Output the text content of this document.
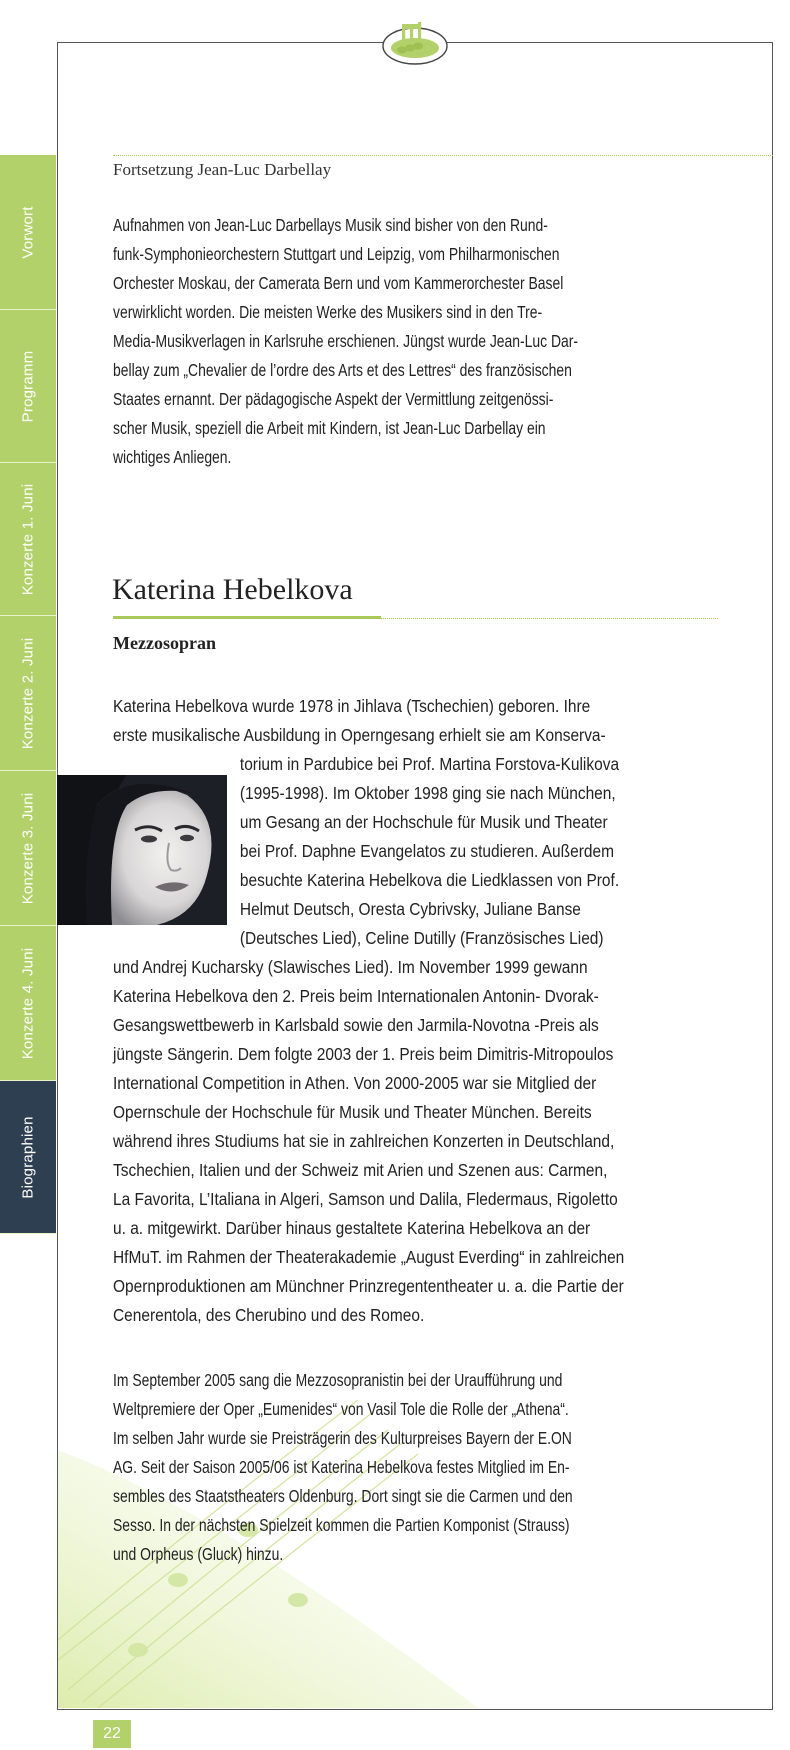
Vorwort
Programm
Konzerte 1. Juni
Konzerte 2. Juni
Konzerte 3. Juni
Konzerte 4. Juni
Biographien
Fortsetzung Jean-Luc Darbellay
Aufnahmen von Jean-Luc Darbellays Musik sind bisher von den Rund-
funk-Symphonieorchestern Stuttgart und Leipzig, vom Philharmonischen
Orchester Moskau, der Camerata Bern und vom Kammerorchester Basel
verwirklicht worden. Die meisten Werke des Musikers sind in den Tre-
Media-Musikverlagen in Karlsruhe erschienen. Jüngst wurde Jean-Luc Dar-
bellay zum „Chevalier de l’ordre des Arts et des Lettres“ des französischen
Staates ernannt. Der pädagogische Aspekt der Vermittlung zeitgenössi-
scher Musik, speziell die Arbeit mit Kindern, ist Jean-Luc Darbellay ein
wichtiges Anliegen.
Katerina Hebelkova
Mezzosopran
Katerina Hebelkova wurde 1978 in Jihlava (Tschechien) geboren. Ihre
erste musikalische Ausbildung in Operngesang erhielt sie am Konserva-
torium in Pardubice bei Prof. Martina Forstova-Kulikova
(1995-1998). Im Oktober 1998 ging sie nach München,
um Gesang an der Hochschule für Musik und Theater
bei Prof. Daphne Evangelatos zu studieren. Außerdem
besuchte Katerina Hebelkova die Liedklassen von Prof.
Helmut Deutsch, Oresta Cybrivsky, Juliane Banse
(Deutsches Lied), Celine Dutilly (Französisches Lied)
und Andrej Kucharsky (Slawisches Lied). Im November 1999 gewann
Katerina Hebelkova den 2. Preis beim Internationalen Antonin- Dvorak-
Gesangswettbewerb in Karlsbald sowie den Jarmila-Novotna -Preis als
jüngste Sängerin. Dem folgte 2003 der 1. Preis beim Dimitris-Mitropoulos
International Competition in Athen. Von 2000-2005 war sie Mitglied der
Opernschule der Hochschule für Musik und Theater München. Bereits
während ihres Studiums hat sie in zahlreichen Konzerten in Deutschland,
Tschechien, Italien und der Schweiz mit Arien und Szenen aus: Carmen,
La Favorita, L’Italiana in Algeri, Samson und Dalila, Fledermaus, Rigoletto
u. a. mitgewirkt. Darüber hinaus gestaltete Katerina Hebelkova an der
HfMuT. im Rahmen der Theaterakademie „August Everding“ in zahlreichen
Opernproduktionen am Münchner Prinzregententheater u. a. die Partie der
Cenerentola, des Cherubino und des Romeo.
Im September 2005 sang die Mezzosopranistin bei der Uraufführung und
Weltpremiere der Oper „Eumenides“ von Vasil Tole die Rolle der „Athena“.
Im selben Jahr wurde sie Preisträgerin des Kulturpreises Bayern der E.ON
AG. Seit der Saison 2005/06 ist Katerina Hebelkova festes Mitglied im En-
sembles des Staatstheaters Oldenburg. Dort singt sie die Carmen und den
Sesso. In der nächsten Spielzeit kommen die Partien Komponist (Strauss)
und Orpheus (Gluck) hinzu.
22
